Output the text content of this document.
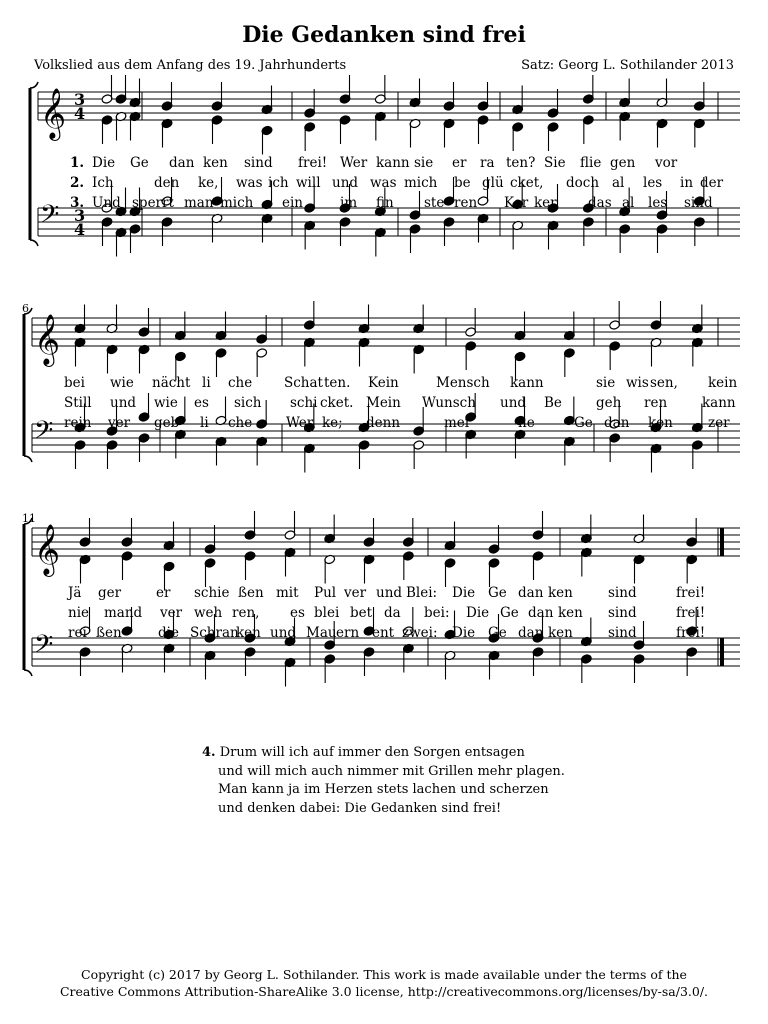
Die Gedanken sind frei
Volkslied aus dem Anfang des 19. Jahrhunderts	Satz: Georg L. Sothilander 2013
𝄞 3
4
𝄢 3
4
𝄞
𝄢
6
𝄞
𝄢
11
1. Die Ge dan ken sind frei! Wer kann sie er ra ten? Sie flie gen vor
2. Ich	den ke, was ich will und was mich be glü cket, doch al les in der
3. Und sperrt man mich ein	im fin ste ren Ker ker, das al les sind
bei wie nächt li che Schat ten. Kein	Mensch kann	sie wis sen, kein
Still und wie es sich schi cket. Mein Wunsch und Be	geh ren	kann
rein ver geb li che	Wer ke; denn	mei	ne	Ge dan ken	zer
Jä ger	er schie ßen mit Pul ver und Blei: Die Ge dan ken	sind	frei!
nie mand ver weh ren, es blei bet da bei: Die Ge dan ken sind	frei!
rei ßen	die Schran
ken und Mau ern ent zwei: Die Ge dan ken	sind	frei!
4. Drum will ich auf immer den Sorgen entsagen
und will mich auch nimmer mit Grillen mehr plagen.
Man kann ja im Herzen stets lachen und scherzen
und denken dabei: Die Gedanken sind frei!
Copyright (c) 2017 by Georg L. Sothilander. This work is made available under the terms of the
Creative Commons Attribution-ShareAlike 3.0 license, http://creativecommons.org/licenses/by-sa/3.0/.
